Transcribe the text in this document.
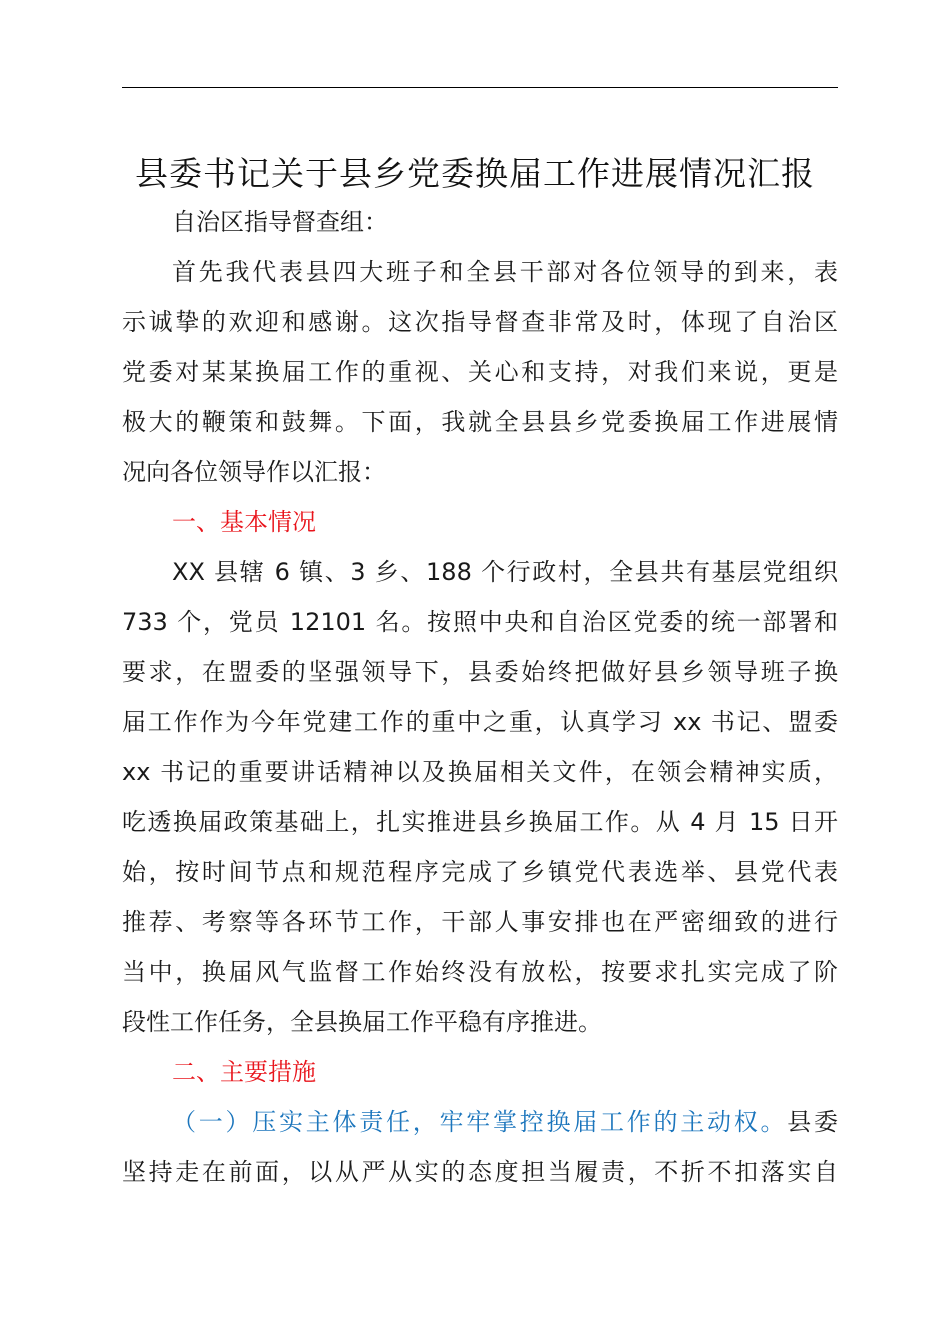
县委书记关于县乡党委换届工作进展情况汇报
自治区指导督查组：
首先我代表县四大班子和全县干部对各位领导的到来，表
示诚挚的欢迎和感谢。这次指导督查非常及时，体现了自治区
党委对某某换届工作的重视、关心和支持，对我们来说，更是
极大的鞭策和鼓舞。下面，我就全县县乡党委换届工作进展情
况向各位领导作以汇报：
一、基本情况
XX 县辖 6 镇、3 乡、188 个行政村，全县共有基层党组织
733 个，党员 12101 名。按照中央和自治区党委的统一部署和
要求，在盟委的坚强领导下，县委始终把做好县乡领导班子换
届工作作为今年党建工作的重中之重，认真学习 xx 书记、盟委
xx 书记的重要讲话精神以及换届相关文件，在领会精神实质，
吃透换届政策基础上，扎实推进县乡换届工作。从 4 月 15 日开
始，按时间节点和规范程序完成了乡镇党代表选举、县党代表
推荐、考察等各环节工作，干部人事安排也在严密细致的进行
当中，换届风气监督工作始终没有放松，按要求扎实完成了阶
段性工作任务，全县换届工作平稳有序推进。
二、主要措施
（一）压实主体责任，牢牢掌控换届工作的主动权。县委
坚持走在前面，以从严从实的态度担当履责，不折不扣落实自
